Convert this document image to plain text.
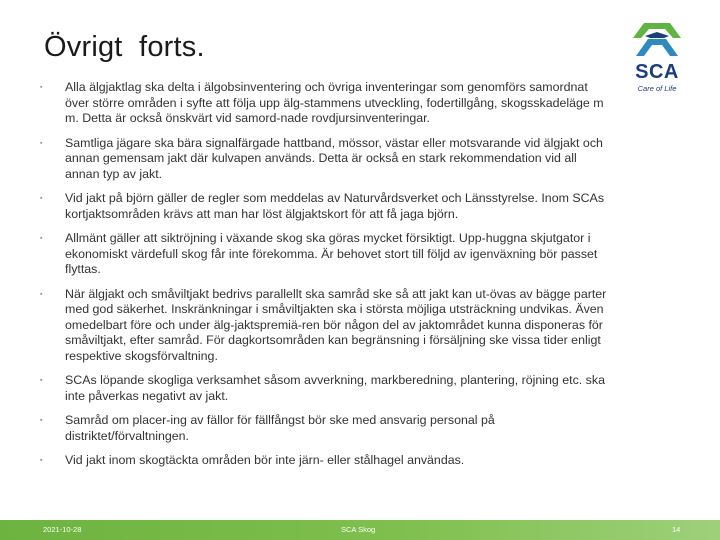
Övrigt  forts.
SCA
Care of Life
▪ Alla älgjaktlag ska delta i älgobsinventering och övriga inventeringar som genomförs samordnat över större områden i syfte att följa upp älg-stammens utveckling, fodertillgång, skogsskadeläge m m. Detta är också önskvärt vid samord-nade rovdjursinventeringar.
▪ Samtliga jägare ska bära signalfärgade hattband, mössor, västar eller motsvarande vid älgjakt och annan gemensam jakt där kulvapen används. Detta är också en stark rekommendation vid all annan typ av jakt.
▪ Vid jakt på björn gäller de regler som meddelas av Naturvårdsverket och Länsstyrelse. Inom SCAs kortjaktsområden krävs att man har löst älgjaktskort för att få jaga björn.
▪ Allmänt gäller att siktröjning i växande skog ska göras mycket försiktigt. Upp-huggna skjutgator i ekonomiskt värdefull skog får inte förekomma. Är behovet stort till följd av igenväxning bör passet flyttas.
▪ När älgjakt och småviltjakt bedrivs parallellt ska samråd ske så att jakt kan ut-övas av bägge parter med god säkerhet. Inskränkningar i småviltjakten ska i största möjliga utsträckning undvikas. Även omedelbart före och under älg-jaktspremiä-ren bör någon del av jaktområdet kunna disponeras för småviltjakt, efter samråd. För dagkortsområden kan begränsning i försäljning ske vissa tider enligt respektive skogsförvaltning.
▪ SCAs löpande skogliga verksamhet såsom avverkning, markberedning, plantering, röjning etc. ska inte påverkas negativt av jakt.
▪ Samråd om placer-ing av fällor för fällfångst bör ske med ansvarig personal på distriktet/förvaltningen.
▪ Vid jakt inom skogtäckta områden bör inte järn- eller stålhagel användas.
2021-10-28	SCA Skog	14
